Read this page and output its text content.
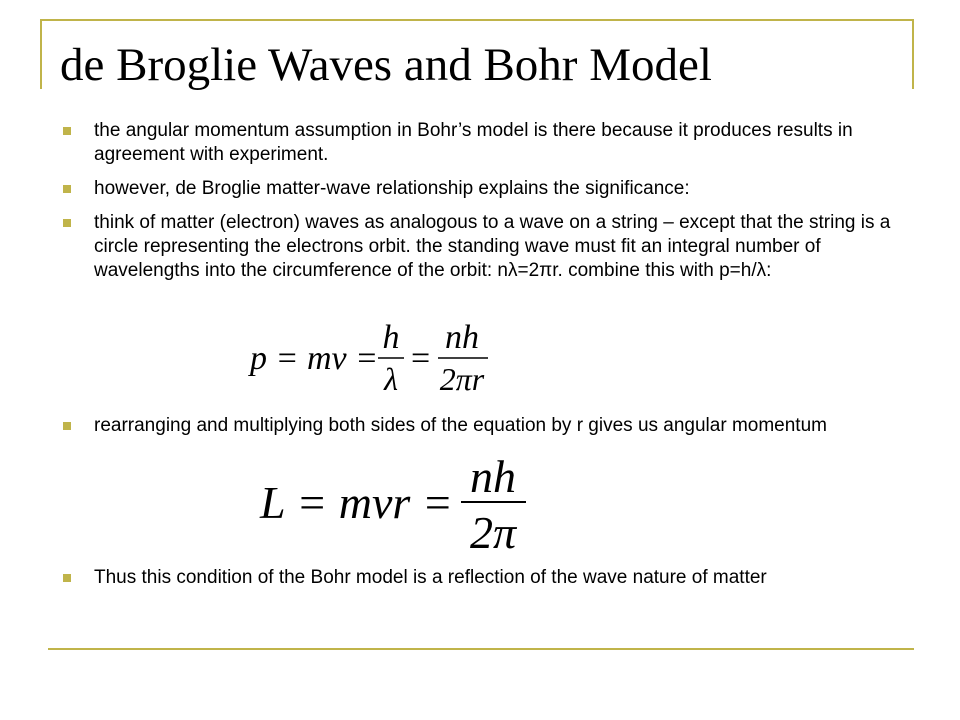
de Broglie Waves and Bohr Model

the angular momentum assumption in Bohr’s model is there because it produces results in agreement with experiment.

however, de Broglie matter-wave relationship explains the significance:

think of matter (electron) waves as analogous to a wave on a string – except that the string is a circle representing the electrons orbit. the standing wave must fit an integral number of wavelengths into the circumference of the orbit: nλ=2πr. combine this with p=h/λ:

p = mv =
h
λ
=
nh
2πr

rearranging and multiplying both sides of the equation by r gives us angular momentum

L = mvr =
nh
2π

Thus this condition of the Bohr model is a reflection of the wave nature of matter
